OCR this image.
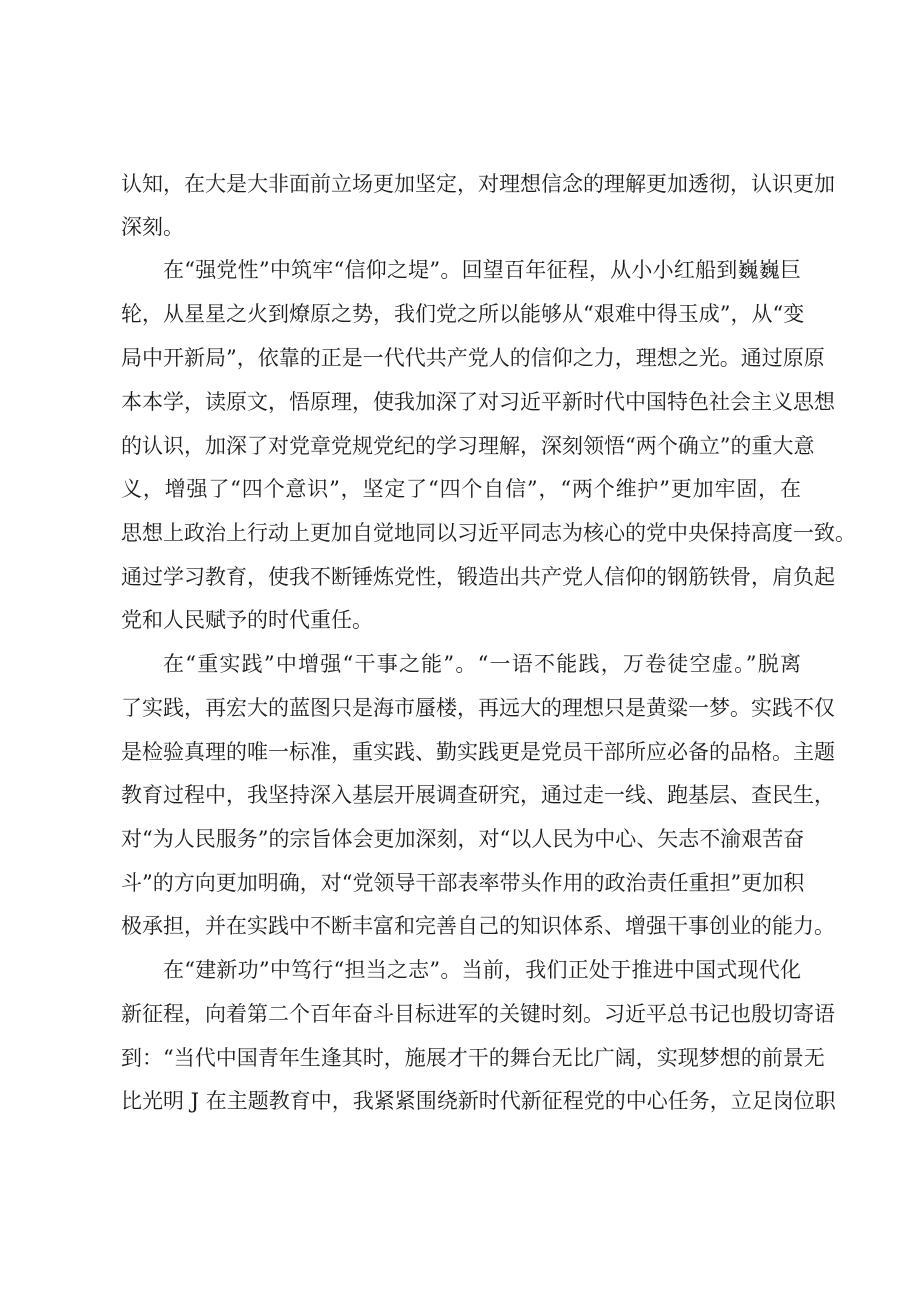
认知，在大是大非面前立场更加坚定，对理想信念的理解更加透彻，认识更加
深刻。
在“强党性”中筑牢“信仰之堤”。回望百年征程，从小小红船到巍巍巨
轮，从星星之火到燎原之势，我们党之所以能够从“艰难中得玉成”，从“变
局中开新局”，依靠的正是一代代共产党人的信仰之力，理想之光。通过原原
本本学，读原文，悟原理，使我加深了对习近平新时代中国特色社会主义思想
的认识，加深了对党章党规党纪的学习理解，深刻领悟“两个确立”的重大意
义，增强了“四个意识”，坚定了“四个自信”，“两个维护”更加牢固，在
思想上政治上行动上更加自觉地同以习近平同志为核心的党中央保持高度一致。
通过学习教育，使我不断锤炼党性，锻造出共产党人信仰的钢筋铁骨，肩负起
党和人民赋予的时代重任。
在“重实践”中增强“干事之能”。“一语不能践，万卷徒空虚。”脱离
了实践，再宏大的蓝图只是海市蜃楼，再远大的理想只是黄粱一梦。实践不仅
是检验真理的唯一标准，重实践、勤实践更是党员干部所应必备的品格。主题
教育过程中，我坚持深入基层开展调查研究，通过走一线、跑基层、查民生，
对“为人民服务”的宗旨体会更加深刻，对“以人民为中心、矢志不渝艰苦奋
斗”的方向更加明确，对“党领导干部表率带头作用的政治责任重担”更加积
极承担，并在实践中不断丰富和完善自己的知识体系、增强干事创业的能力。
在“建新功”中笃行“担当之志”。当前，我们正处于推进中国式现代化
新征程，向着第二个百年奋斗目标进军的关键时刻。习近平总书记也殷切寄语
到：“当代中国青年生逢其时，施展才干的舞台无比广阔，实现梦想的前景无
比光明 J 在主题教育中，我紧紧围绕新时代新征程党的中心任务，立足岗位职
